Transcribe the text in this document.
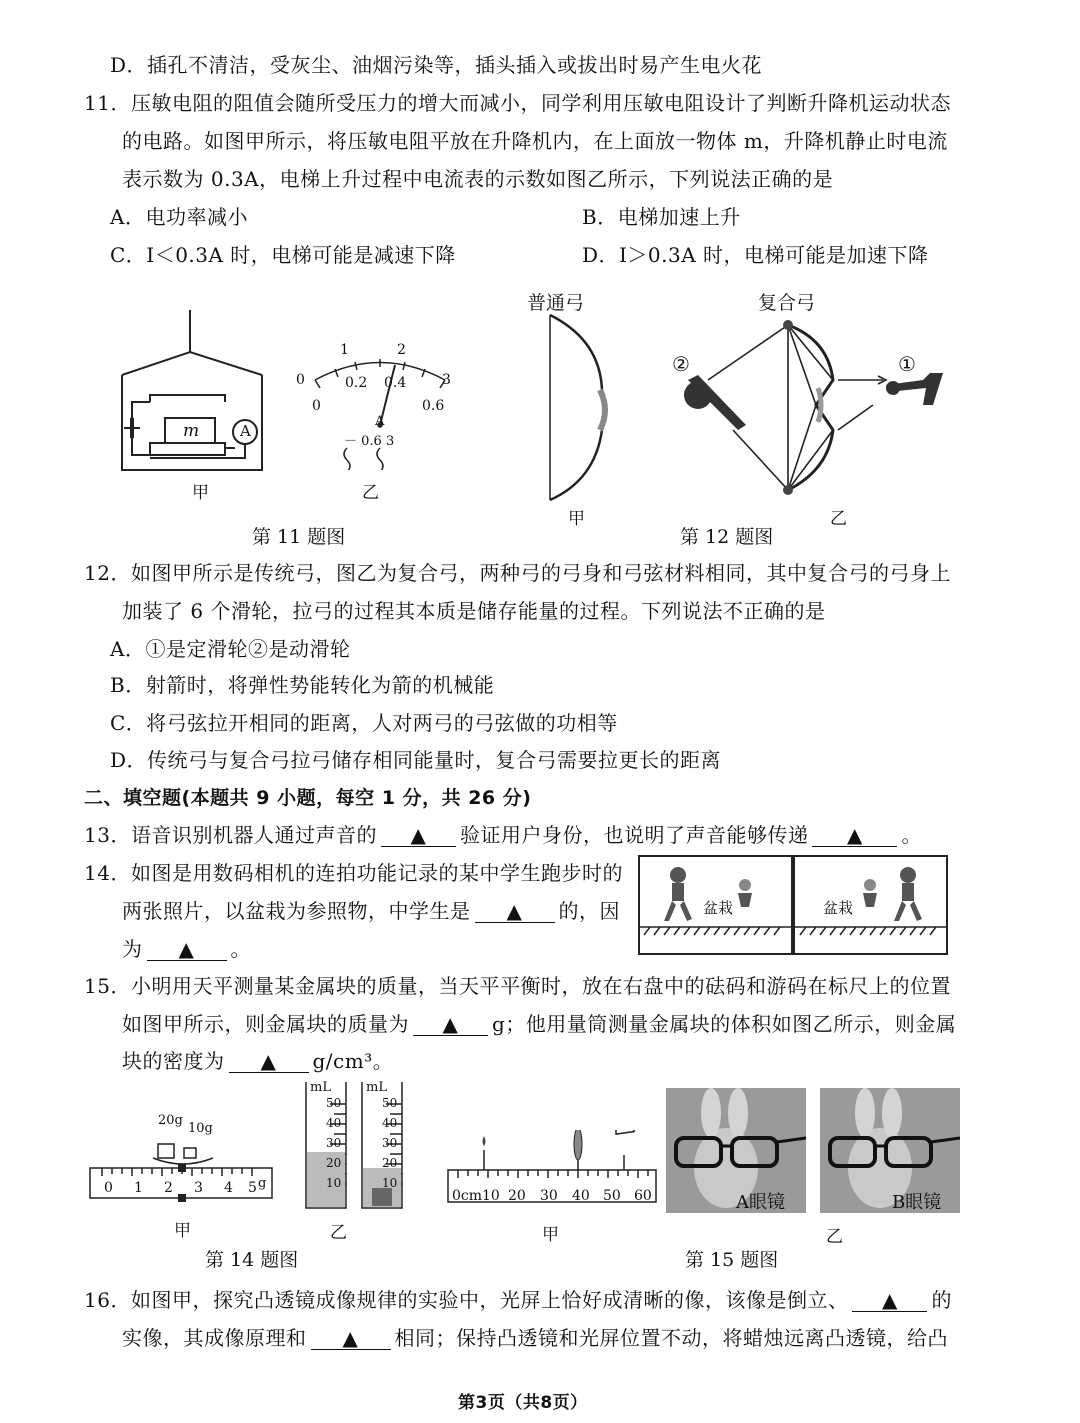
D．插孔不清洁，受灰尘、油烟污染等，插头插入或拔出时易产生电火花
11．压敏电阻的阻值会随所受压力的增大而减小，同学利用压敏电阻设计了判断升降机运动状态
的电路。如图甲所示，将压敏电阻平放在升降机内，在上面放一物体 m，升降机静止时电流
表示数为 0.3A，电梯上升过程中电流表的示数如图乙所示，下列说法正确的是
A．电功率减小	B．电梯加速上升
C．I＜0.3A 时，电梯可能是减速下降	D．I＞0.3A 时，电梯可能是加速下降
m	A
1	2
3
0	0.2 0.4
0	0.6
A
－ 0.6 3
甲	乙
第 11 题图
普通弓	复合弓
②	①
甲	乙
第 12 题图
12．如图甲所示是传统弓，图乙为复合弓，两种弓的弓身和弓弦材料相同，其中复合弓的弓身上
加装了 6 个滑轮，拉弓的过程其本质是储存能量的过程。下列说法不正确的是
A．①是定滑轮②是动滑轮
B．射箭时，将弹性势能转化为箭的机械能
C．将弓弦拉开相同的距离，人对两弓的弓弦做的功相等
D．传统弓与复合弓拉弓储存相同能量时，复合弓需要拉更长的距离
二、填空题(本题共 9 小题，每空 1 分，共 26 分)
13．语音识别机器人通过声音的 ▲ 验证用户身份，也说明了声音能够传递 ▲ 。
14．如图是用数码相机的连拍功能记录的某中学生跑步时的
两张照片，以盆栽为参照物，中学生是 ▲ 的，因
为 ▲ 。
盆栽	盆栽
15．小明用天平测量某金属块的质量，当天平平衡时，放在右盘中的砝码和游码在标尺上的位置
如图甲所示，则金属块的质量为 ▲ g；他用量筒测量金属块的体积如图乙所示，则金属
块的密度为 ▲ g/cm³。
20g
10g
0 1 2 3 4 5 g
甲
mL	mL
50
40
30
20
10
50
40
30
20
10
乙
第 14 题图
0cm10 20 30 40 50 60
甲
A眼镜	B眼镜
乙
第 15 题图
16．如图甲，探究凸透镜成像规律的实验中，光屏上恰好成清晰的像，该像是倒立、 ▲ 的
实像，其成像原理和 ▲ 相同；保持凸透镜和光屏位置不动，将蜡烛远离凸透镜，给凸
第3页（共8页）
